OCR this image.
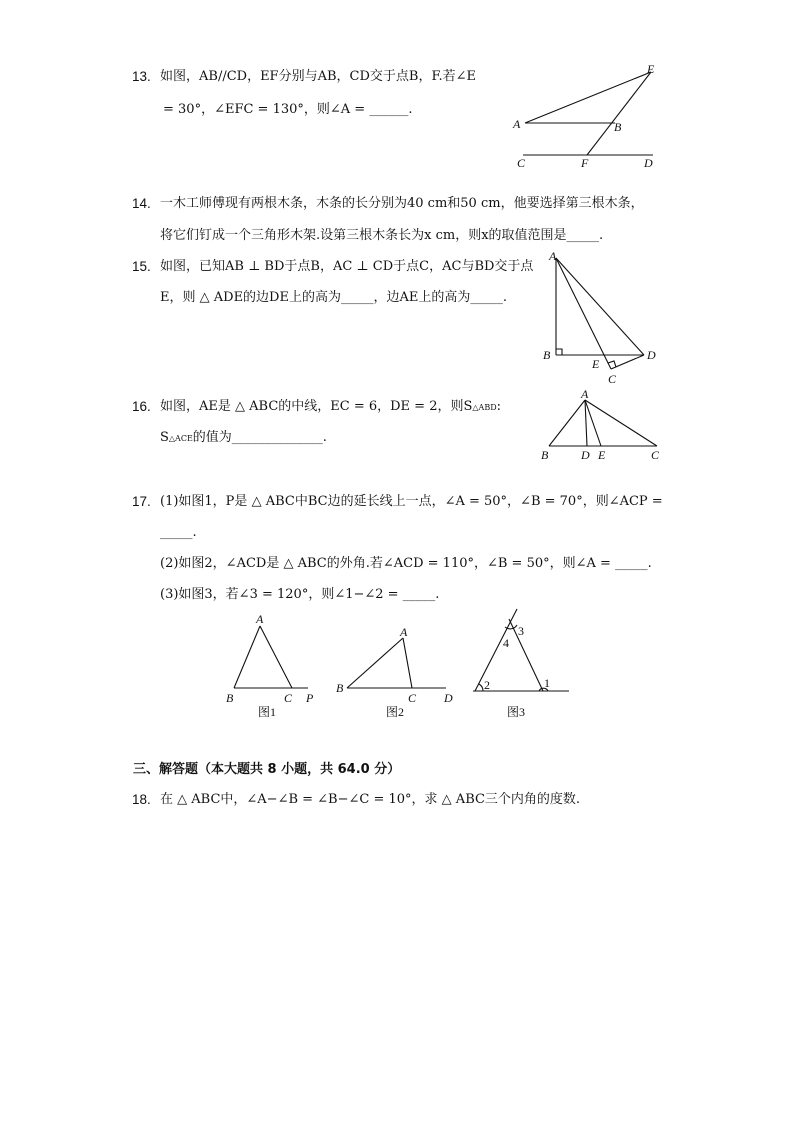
13. 如图，AB//CD，EF分别与AB，CD交于点B，F.若∠E
= 30°，∠EFC = 130°，则∠A = ______.
A	B
E
C	F	D
14. 一木工师傅现有两根木条，木条的长分别为40 cm和50 cm，他要选择第三根木条，
将它们钉成一个三角形木架.设第三根木条长为x cm，则x的取值范围是_____.
15. 如图，已知AB ⊥ BD于点B，AC ⊥ CD于点C，AC与BD交于点
E，则 △ ADE的边DE上的高为_____，边AE上的高为_____.
A
B
E
D
C
16. 如图，AE是 △ ABC的中线，EC = 6，DE = 2，则S△ABD:
S△ACE的值为______________.
A
B	D E	C
17. (1)如图1，P是 △ ABC中BC边的延长线上一点，∠A = 50°，∠B = 70°，则∠ACP =
_____.
(2)如图2，∠ACD是 △ ABC的外角.若∠ACD = 110°，∠B = 50°，则∠A = _____.
(3)如图3，若∠3 = 120°，则∠1−∠2 = _____.
A
B	C P
图1
A
B
C D
图2
3
4
2	1
图3
三、解答题（本大题共 8 小题，共 64.0 分）
18. 在 △ ABC中，∠A−∠B = ∠B−∠C = 10°，求 △ ABC三个内角的度数.
